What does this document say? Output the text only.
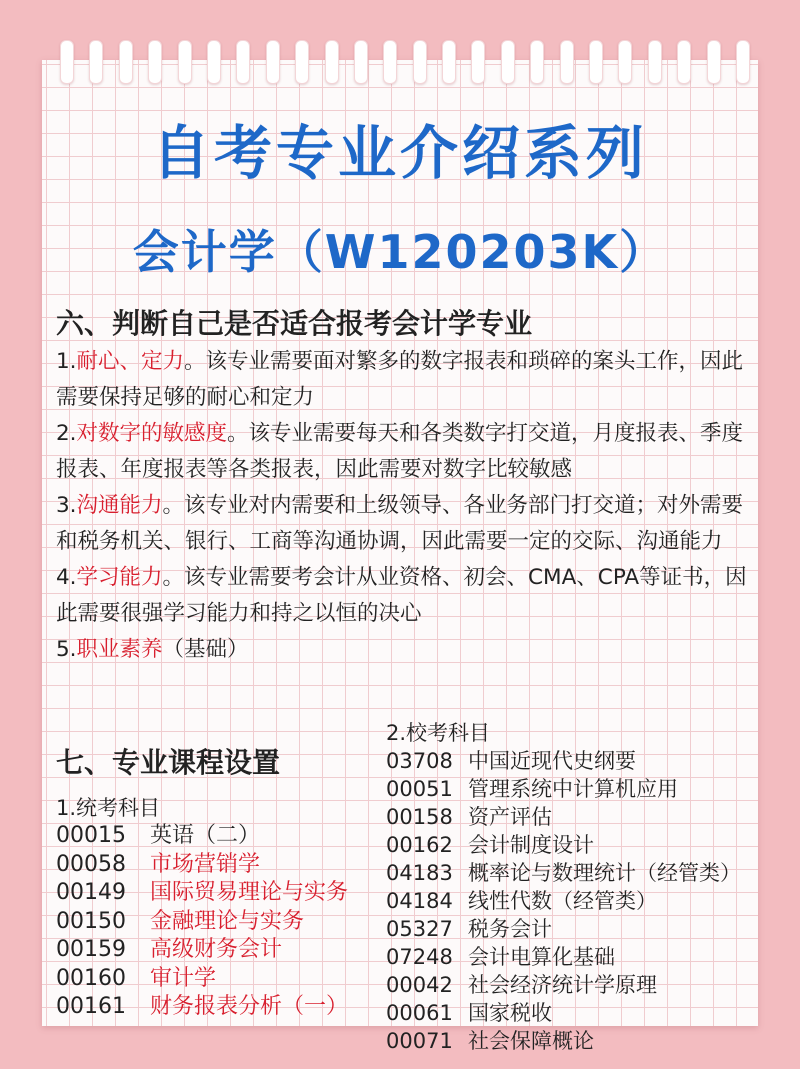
自考专业介绍系列
会计学（W120203K）
六、判断自己是否适合报考会计学专业

1.耐心、定力。该专业需要面对繁多的数字报表和琐碎的案头工作，因此需要保持足够的耐心和定力

2.对数字的敏感度。该专业需要每天和各类数字打交道，月度报表、季度报表、年度报表等各类报表，因此需要对数字比较敏感

3.沟通能力。该专业对内需要和上级领导、各业务部门打交道；对外需要和税务机关、银行、工商等沟通协调，因此需要一定的交际、沟通能力

4.学习能力。该专业需要考会计从业资格、初会、CMA、CPA等证书，因此需要很强学习能力和持之以恒的决心

5.职业素养（基础）

七、专业课程设置
1.统考科目
00015	英语（二）
00058	市场营销学
00149	国际贸易理论与实务
00150	金融理论与实务
00159	高级财务会计
00160	审计学
00161	财务报表分析（一）
2.校考科目
03708 中国近现代史纲要
00051 管理系统中计算机应用
00158 资产评估
00162 会计制度设计
04183 概率论与数理统计（经管类）
04184 线性代数（经管类）
05327 税务会计
07248 会计电算化基础
00042 社会经济统计学原理
00061 国家税收
00071 社会保障概论
